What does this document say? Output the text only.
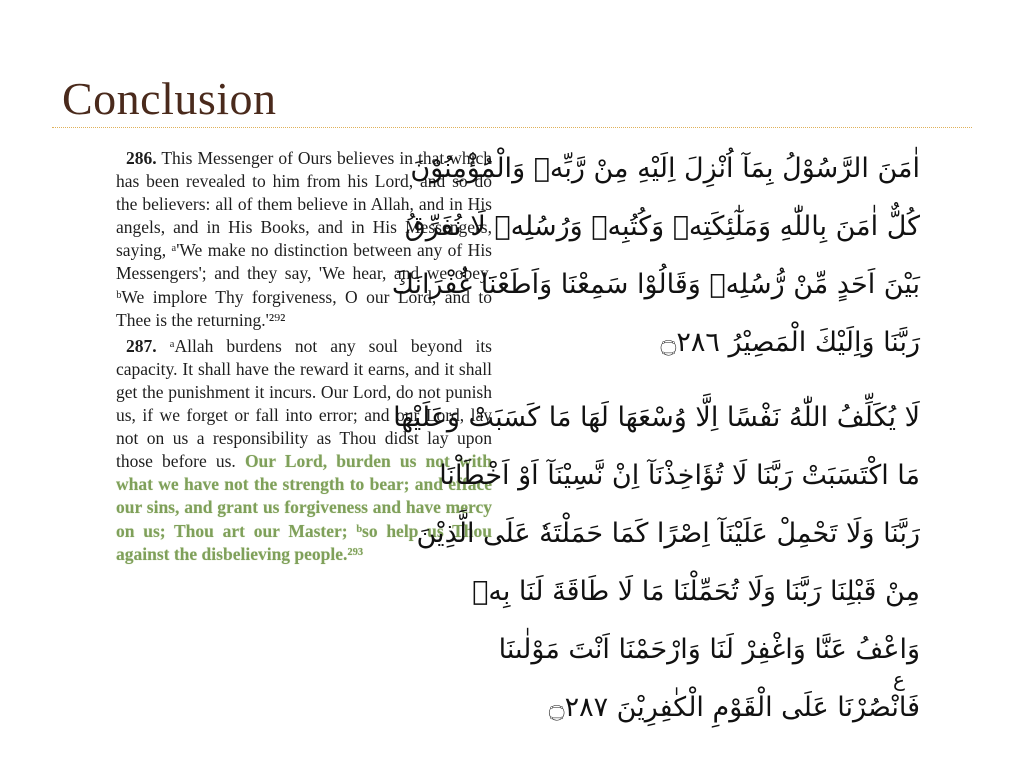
Conclusion

286. This Messenger of Ours believes in that which has been revealed to him from his Lord, and so do the believers: all of them believe in Allah, and in His angels, and in His Books, and in His Messengers, saying, ᵃ'We make no distinction between any of His Messengers'; and they say, 'We hear, and we obey. ᵇWe implore Thy forgiveness, O our Lord, and to Thee is the returning.'²⁹²

287. ᵃAllah burdens not any soul beyond its capacity. It shall have the reward it earns, and it shall get the punishment it incurs. Our Lord, do not punish us, if we forget or fall into error; and our Lord, lay not on us a responsibility as Thou didst lay upon those before us. Our Lord, burden us not with what we have not the strength to bear; and efface our sins, and grant us forgiveness and have mercy on us; Thou art our Master; ᵇso help us Thou against the disbelieving people.²⁹³

اٰمَنَ الرَّسُوْلُ بِمَآ اُنْزِلَ اِلَيْهِ مِنْ رَّبِّهٖ وَالْمُؤْمِنُوْنَ
كُلٌّ اٰمَنَ بِاللّٰهِ وَمَلٰٓئِكَتِهٖ وَكُتُبِهٖ وَرُسُلِهٖ لَا نُفَرِّقُ
بَيْنَ اَحَدٍ مِّنْ رُّسُلِهٖ وَقَالُوْا سَمِعْنَا وَاَطَعْنَا غُفْرَانَكَ
رَبَّنَا وَاِلَيْكَ الْمَصِيْرُ ۝٢٨٦
لَا يُكَلِّفُ اللّٰهُ نَفْسًا اِلَّا وُسْعَهَا لَهَا مَا كَسَبَتْ وَعَلَيْهَا
مَا اكْتَسَبَتْ رَبَّنَا لَا تُؤَاخِذْنَآ اِنْ نَّسِيْنَآ اَوْ اَخْطَاْنَا
رَبَّنَا وَلَا تَحْمِلْ عَلَيْنَآ اِصْرًا كَمَا حَمَلْتَهٗ عَلَى الَّذِيْنَ
مِنْ قَبْلِنَا رَبَّنَا وَلَا تُحَمِّلْنَا مَا لَا طَاقَةَ لَنَا بِهٖ
وَاعْفُ عَنَّا وَاغْفِرْ لَنَا وَارْحَمْنَا اَنْتَ مَوْلٰىنَا
فَانْصُرْنَا عَلَى الْقَوْمِ الْكٰفِرِيْنَ ۝٢٨٧
ع
